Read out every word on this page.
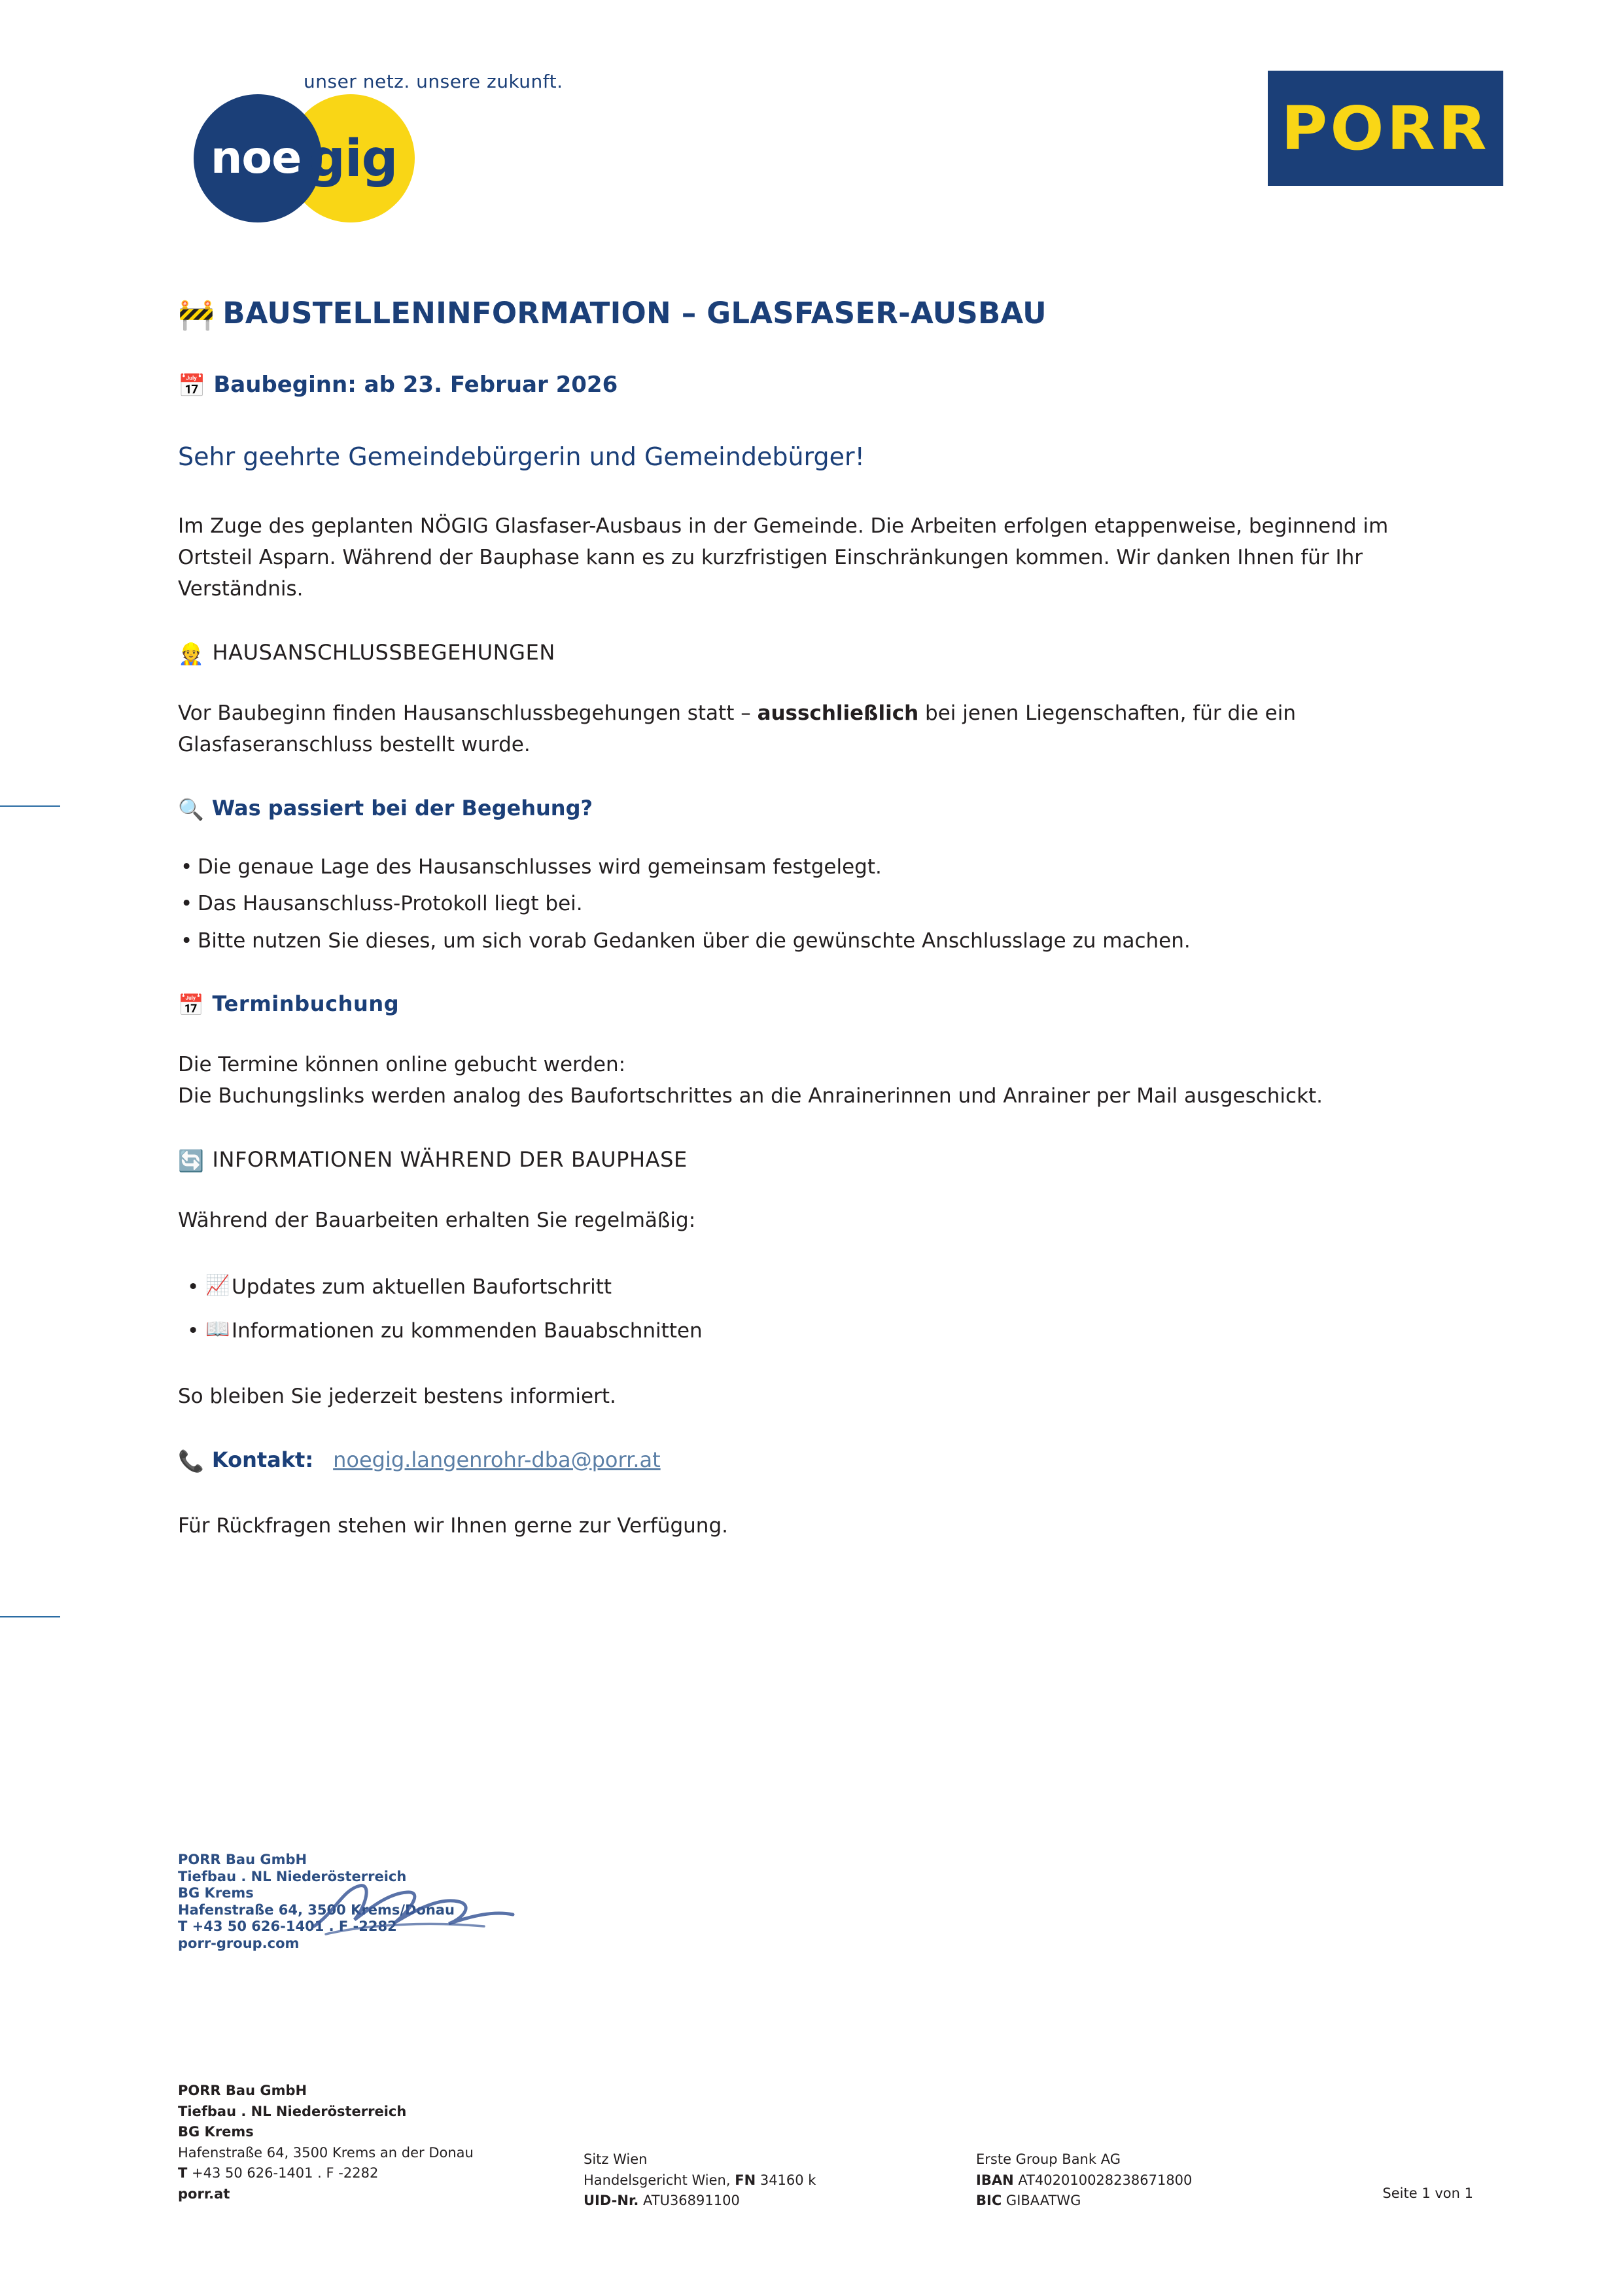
unser netz. unsere zukunft.
noe gig	PORR
🚧 BAUSTELLENINFORMATION – GLASFASER-AUSBAU
📅 Baubeginn: ab 23. Februar 2026
Sehr geehrte Gemeindebürgerin und Gemeindebürger!

Im Zuge des geplanten NÖGIG Glasfaser-Ausbaus in der Gemeinde. Die Arbeiten erfolgen etappenweise, beginnend im Ortsteil Asparn. Während der Bauphase kann es zu kurzfristigen Einschränkungen kommen. Wir danken Ihnen für Ihr Verständnis.

👷 HAUSANSCHLUSSBEGEHUNGEN

Vor Baubeginn finden Hausanschlussbegehungen statt – ausschließlich bei jenen Liegenschaften, für die ein Glasfaseranschluss bestellt wurde.

🔍 Was passiert bei der Begehung?
• Die genaue Lage des Hausanschlusses wird gemeinsam festgelegt.
• Das Hausanschluss-Protokoll liegt bei.
• Bitte nutzen Sie dieses, um sich vorab Gedanken über die gewünschte Anschlusslage zu machen.
📅 Terminbuchung

Die Termine können online gebucht werden:
Die Buchungslinks werden analog des Baufortschrittes an die Anrainerinnen und Anrainer per Mail ausgeschickt.

🔄 INFORMATIONEN WÄHREND DER BAUPHASE

Während der Bauarbeiten erhalten Sie regelmäßig:

• 📈 Updates zum aktuellen Baufortschritt
• 📖 Informationen zu kommenden Bauabschnitten

So bleiben Sie jederzeit bestens informiert.

📞 Kontakt: noegig.langenrohr-dba@porr.at

Für Rückfragen stehen wir Ihnen gerne zur Verfügung.

PORR Bau GmbH
Tiefbau . NL Niederösterreich
BG Krems
Hafenstraße 64, 3500 Krems/Donau
T +43 50 626-1401 . F -2282
porr-group.com
PORR Bau GmbH
Tiefbau . NL Niederösterreich
BG Krems
Hafenstraße 64, 3500 Krems an der Donau
T +43 50 626-1401 . F -2282
porr.at
Sitz Wien
Handelsgericht Wien, FN 34160 k
UID-Nr. ATU36891100
Erste Group Bank AG
IBAN AT402010028238671800
BIC GIBAATWG	Seite 1 von 1
